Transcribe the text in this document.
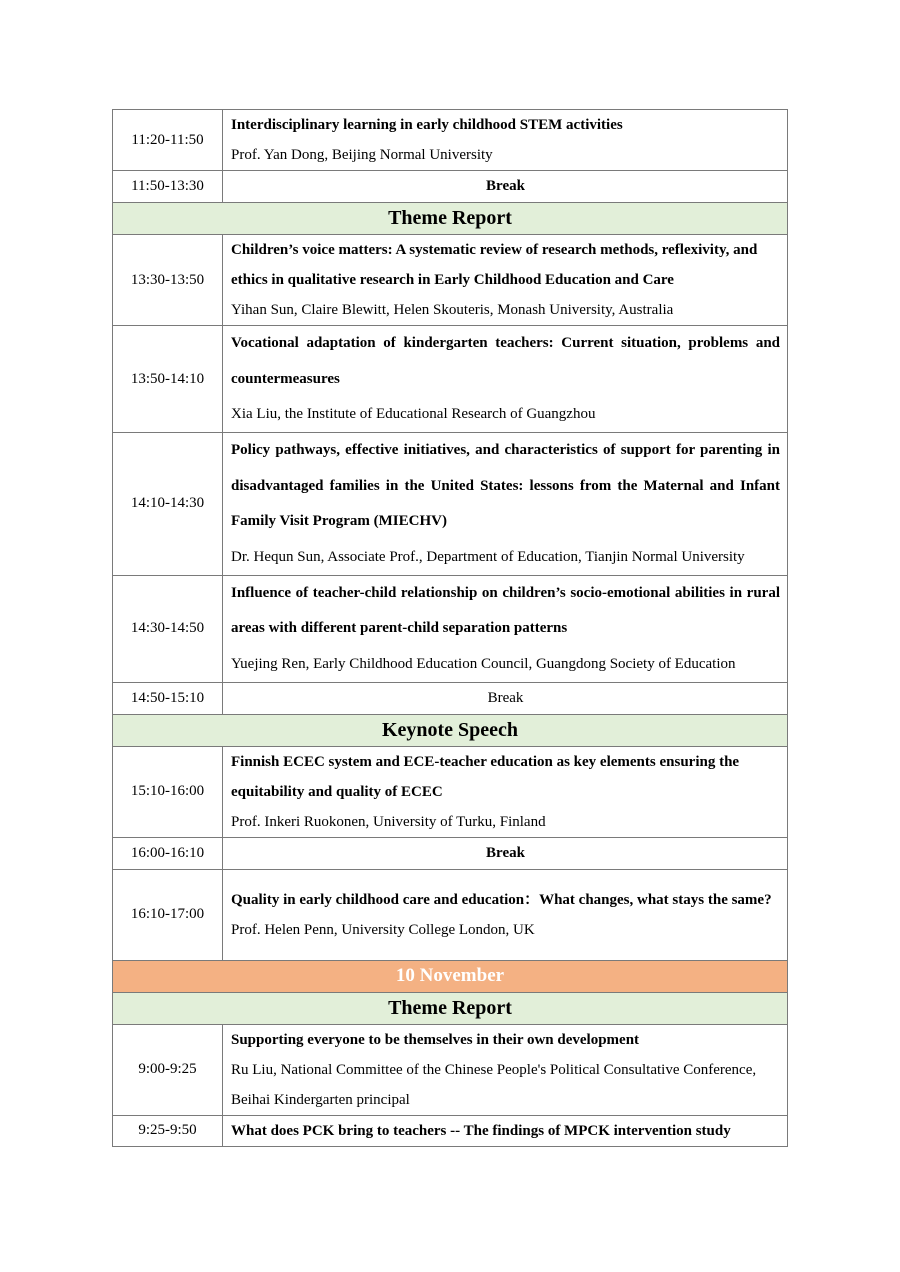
11:20-11:50	Interdisciplinary learning in early childhood STEM activities
Prof. Yan Dong, Beijing Normal University

11:50-13:30	Break
Theme Report	
13:30-13:50	Children’s voice matters: A systematic review of research methods, reflexivity, and ethics in qualitative research in Early Childhood Education and Care
Yihan Sun, Claire Blewitt, Helen Skouteris, Monash University, Australia

13:50-14:10	Vocational adaptation of kindergarten teachers: Current situation, problems and countermeasures
Xia Liu, the Institute of Educational Research of Guangzhou

14:10-14:30	Policy pathways, effective initiatives, and characteristics of support for parenting in disadvantaged families in the United States: lessons from the Maternal and Infant Family Visit Program (MIECHV)
Dr. Hequn Sun, Associate Prof., Department of Education, Tianjin Normal University

14:30-14:50	Influence of teacher-child relationship on children’s socio-emotional abilities in rural areas with different parent-child separation patterns
Yuejing Ren, Early Childhood Education Council, Guangdong Society of Education

14:50-15:10	Break
Keynote Speech	
15:10-16:00	Finnish ECEC system and ECE-teacher education as key elements ensuring the equitability and quality of ECEC
Prof. Inkeri Ruokonen, University of Turku, Finland

16:00-16:10	Break
16:10-17:00	Quality in early childhood care and education：What changes, what stays the same?
Prof. Helen Penn, University College London, UK

10 November	
Theme Report	
9:00-9:25	Supporting everyone to be themselves in their own development
Ru Liu, National Committee of the Chinese People's Political Consultative Conference, Beihai Kindergarten principal

9:25-9:50	What does PCK bring to teachers -- The findings of MPCK intervention study
